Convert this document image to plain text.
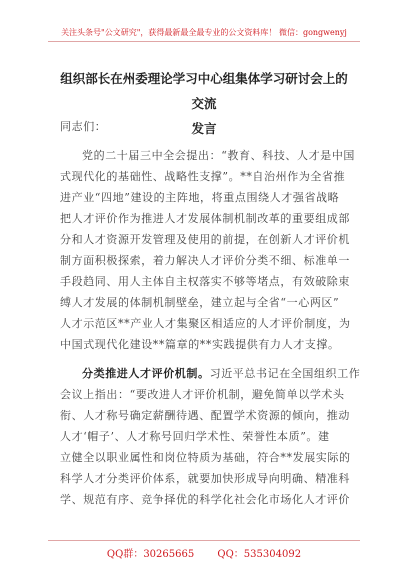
关注头条号"公文研究"，获得最新最全最专业的公文资料库！ 微信：gongwenyj
组织部长在州委理论学习中心组集体学习研讨会上的交流
发言
同志们：
党的二十届三中全会提出：“教育、科技、人才是中国
式现代化的基础性、战略性支撑”。**自治州作为全省推
进产业“四地”建设的主阵地，将重点围绕人才强省战略
把人才评价作为推进人才发展体制机制改革的重要组成部
分和人才资源开发管理及使用的前提，在创新人才评价机
制方面积极探索，着力解决人才评价分类不细、标准单一
手段趋同、用人主体自主权落实不够等堵点，有效破除束
缚人才发展的体制机制壁垒，建立起与全省“一心两区”
人才示范区**产业人才集聚区相适应的人才评价制度，为
中国式现代化建设**篇章的**实践提供有力人才支撑。
分类推进人才评价机制。习近平总书记在全国组织工作
会议上指出：“要改进人才评价机制，避免简单以学术头
衔、人才称号确定薪酬待遇、配置学术资源的倾向，推动
人才‘帽子’、人才称号回归学术性、荣誉性本质”。建
立健全以职业属性和岗位特质为基础，符合**发展实际的
科学人才分类评价体系，就要加快形成导向明确、精准科
学、规范有序、竞争择优的科学化社会化市场化人才评价
QQ群：30265665 QQ：535304092
